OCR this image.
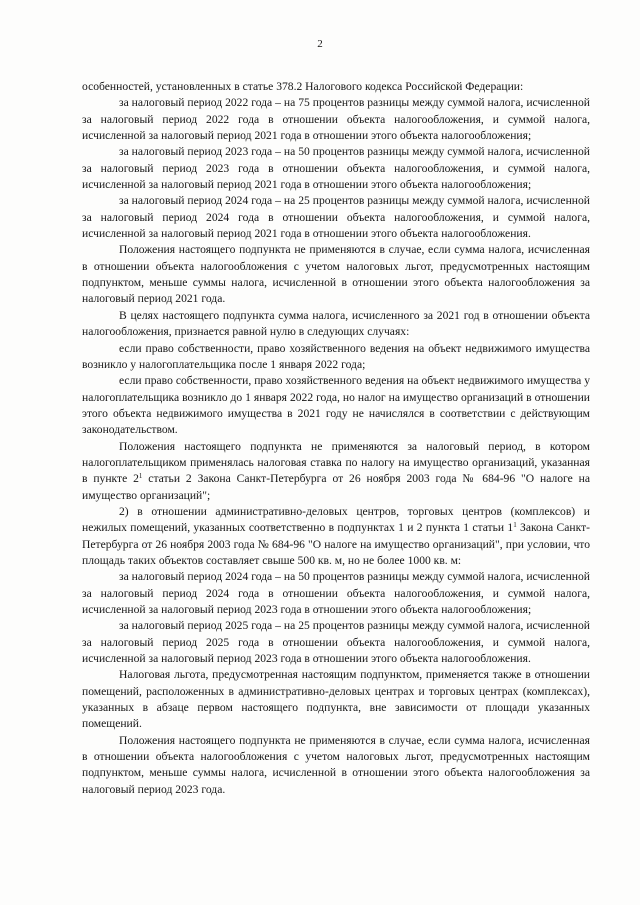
2

особенностей, установленных в статье 378.2 Налогового кодекса Российской Федерации:

за налоговый период 2022 года – на 75 процентов разницы между суммой налога, исчисленной за налоговый период 2022 года в отношении объекта налогообложения, и суммой налога, исчисленной за налоговый период 2021 года в отношении этого объекта налогообложения;

за налоговый период 2023 года – на 50 процентов разницы между суммой налога, исчисленной за налоговый период 2023 года в отношении объекта налогообложения, и суммой налога, исчисленной за налоговый период 2021 года в отношении этого объекта налогообложения;

за налоговый период 2024 года – на 25 процентов разницы между суммой налога, исчисленной за налоговый период 2024 года в отношении объекта налогообложения, и суммой налога, исчисленной за налоговый период 2021 года в отношении этого объекта налогообложения.

Положения настоящего подпункта не применяются в случае, если сумма налога, исчисленная в отношении объекта налогообложения с учетом налоговых льгот, предусмотренных настоящим подпунктом, меньше суммы налога, исчисленной в отношении этого объекта налогообложения за налоговый период 2021 года.

В целях настоящего подпункта сумма налога, исчисленного за 2021 год в отношении объекта налогообложения, признается равной нулю в следующих случаях:

если право собственности, право хозяйственного ведения на объект недвижимого имущества возникло у налогоплательщика после 1 января 2022 года;

если право собственности, право хозяйственного ведения на объект недвижимого имущества у налогоплательщика возникло до 1 января 2022 года, но налог на имущество организаций в отношении этого объекта недвижимого имущества в 2021 году не начислялся в соответствии с действующим законодательством.

Положения настоящего подпункта не применяются за налоговый период, в котором налогоплательщиком применялась налоговая ставка по налогу на имущество организаций, указанная в пункте $2^1$ статьи 2 Закона Санкт-Петербурга от 26 ноября 2003 года № 684-96 "О налоге на имущество организаций";

2) в отношении административно-деловых центров, торговых центров (комплексов) и нежилых помещений, указанных соответственно в подпунктах 1 и 2 пункта 1 статьи $1^1$ Закона Санкт-Петербурга от 26 ноября 2003 года № 684-96 "О налоге на имущество организаций", при условии, что площадь таких объектов составляет свыше 500 кв. м, но не более 1000 кв. м:

за налоговый период 2024 года – на 50 процентов разницы между суммой налога, исчисленной за налоговый период 2024 года в отношении объекта налогообложения, и суммой налога, исчисленной за налоговый период 2023 года в отношении этого объекта налогообложения;

за налоговый период 2025 года – на 25 процентов разницы между суммой налога, исчисленной за налоговый период 2025 года в отношении объекта налогообложения, и суммой налога, исчисленной за налоговый период 2023 года в отношении этого объекта налогообложения.

Налоговая льгота, предусмотренная настоящим подпунктом, применяется также в отношении помещений, расположенных в административно-деловых центрах и торговых центрах (комплексах), указанных в абзаце первом настоящего подпункта, вне зависимости от площади указанных помещений.

Положения настоящего подпункта не применяются в случае, если сумма налога, исчисленная в отношении объекта налогообложения с учетом налоговых льгот, предусмотренных настоящим подпунктом, меньше суммы налога, исчисленной в отношении этого объекта налогообложения за налоговый период 2023 года.
